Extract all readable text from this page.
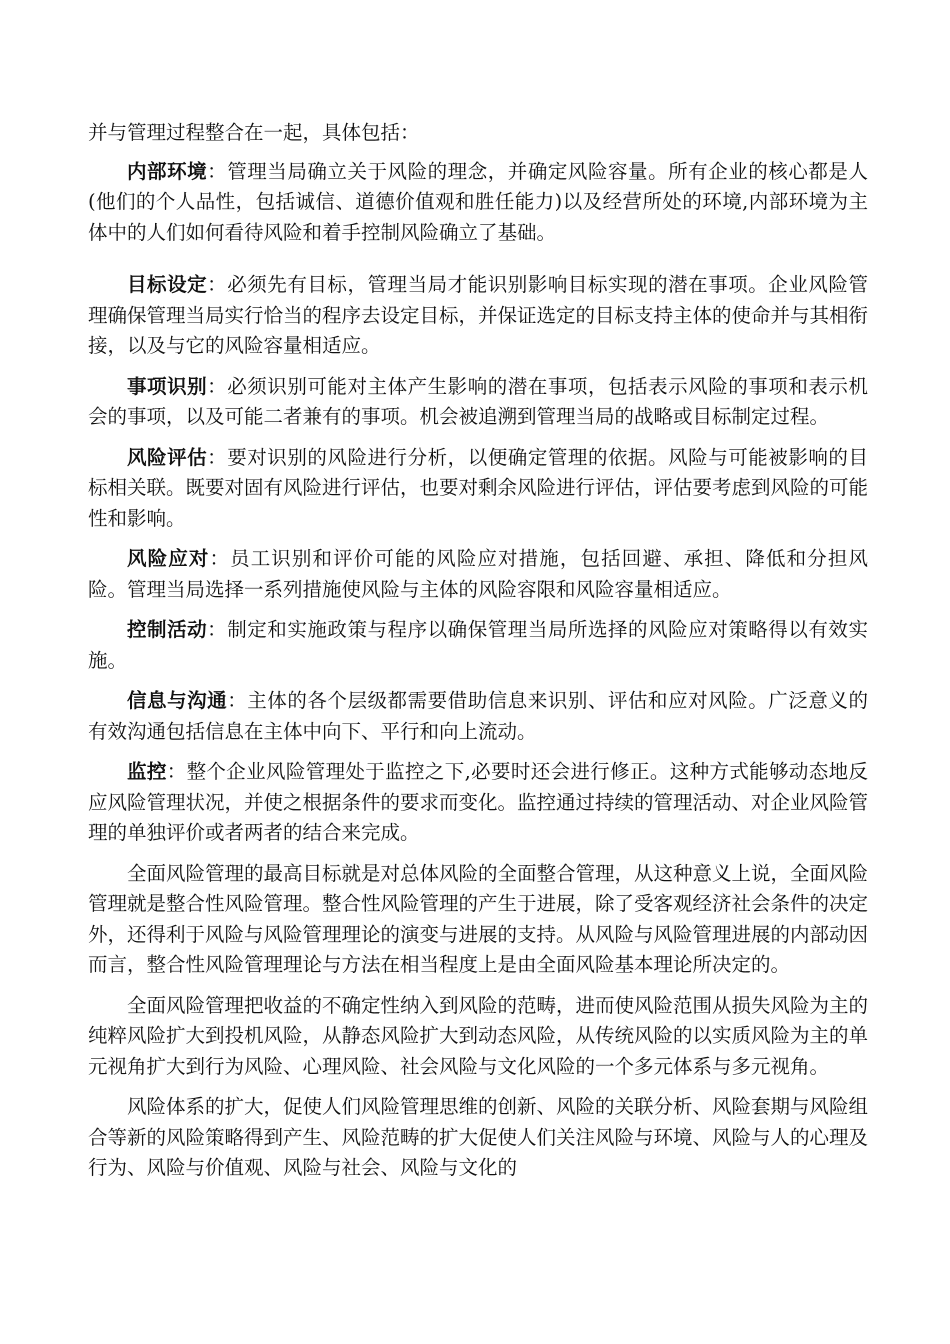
并与管理过程整合在一起，具体包括：

内部环境：管理当局确立关于风险的理念，并确定风险容量。所有企业的核心都是人(他们的个人品性，包括诚信、道德价值观和胜任能力)以及经营所处的环境,内部环境为主体中的人们如何看待风险和着手控制风险确立了基础。

目标设定：必须先有目标，管理当局才能识别影响目标实现的潜在事项。企业风险管理确保管理当局实行恰当的程序去设定目标，并保证选定的目标支持主体的使命并与其相衔接，以及与它的风险容量相适应。

事项识别：必须识别可能对主体产生影响的潜在事项，包括表示风险的事项和表示机会的事项，以及可能二者兼有的事项。机会被追溯到管理当局的战略或目标制定过程。

风险评估：要对识别的风险进行分析，以便确定管理的依据。风险与可能被影响的目标相关联。既要对固有风险进行评估，也要对剩余风险进行评估，评估要考虑到风险的可能性和影响。

风险应对：员工识别和评价可能的风险应对措施，包括回避、承担、降低和分担风险。管理当局选择一系列措施使风险与主体的风险容限和风险容量相适应。

控制活动：制定和实施政策与程序以确保管理当局所选择的风险应对策略得以有效实施。

信息与沟通：主体的各个层级都需要借助信息来识别、评估和应对风险。广泛意义的有效沟通包括信息在主体中向下、平行和向上流动。

监控：整个企业风险管理处于监控之下,必要时还会进行修正。这种方式能够动态地反应风险管理状况，并使之根据条件的要求而变化。监控通过持续的管理活动、对企业风险管理的单独评价或者两者的结合来完成。

全面风险管理的最高目标就是对总体风险的全面整合管理，从这种意义上说，全面风险管理就是整合性风险管理。整合性风险管理的产生于进展，除了受客观经济社会条件的决定外，还得利于风险与风险管理理论的演变与进展的支持。从风险与风险管理进展的内部动因而言，整合性风险管理理论与方法在相当程度上是由全面风险基本理论所决定的。

全面风险管理把收益的不确定性纳入到风险的范畴，进而使风险范围从损失风险为主的纯粹风险扩大到投机风险，从静态风险扩大到动态风险，从传统风险的以实质风险为主的单元视角扩大到行为风险、心理风险、社会风险与文化风险的一个多元体系与多元视角。

风险体系的扩大，促使人们风险管理思维的创新、风险的关联分析、风险套期与风险组合等新的风险策略得到产生、风险范畴的扩大促使人们关注风险与环境、风险与人的心理及行为、风险与价值观、风险与社会、风险与文化的
